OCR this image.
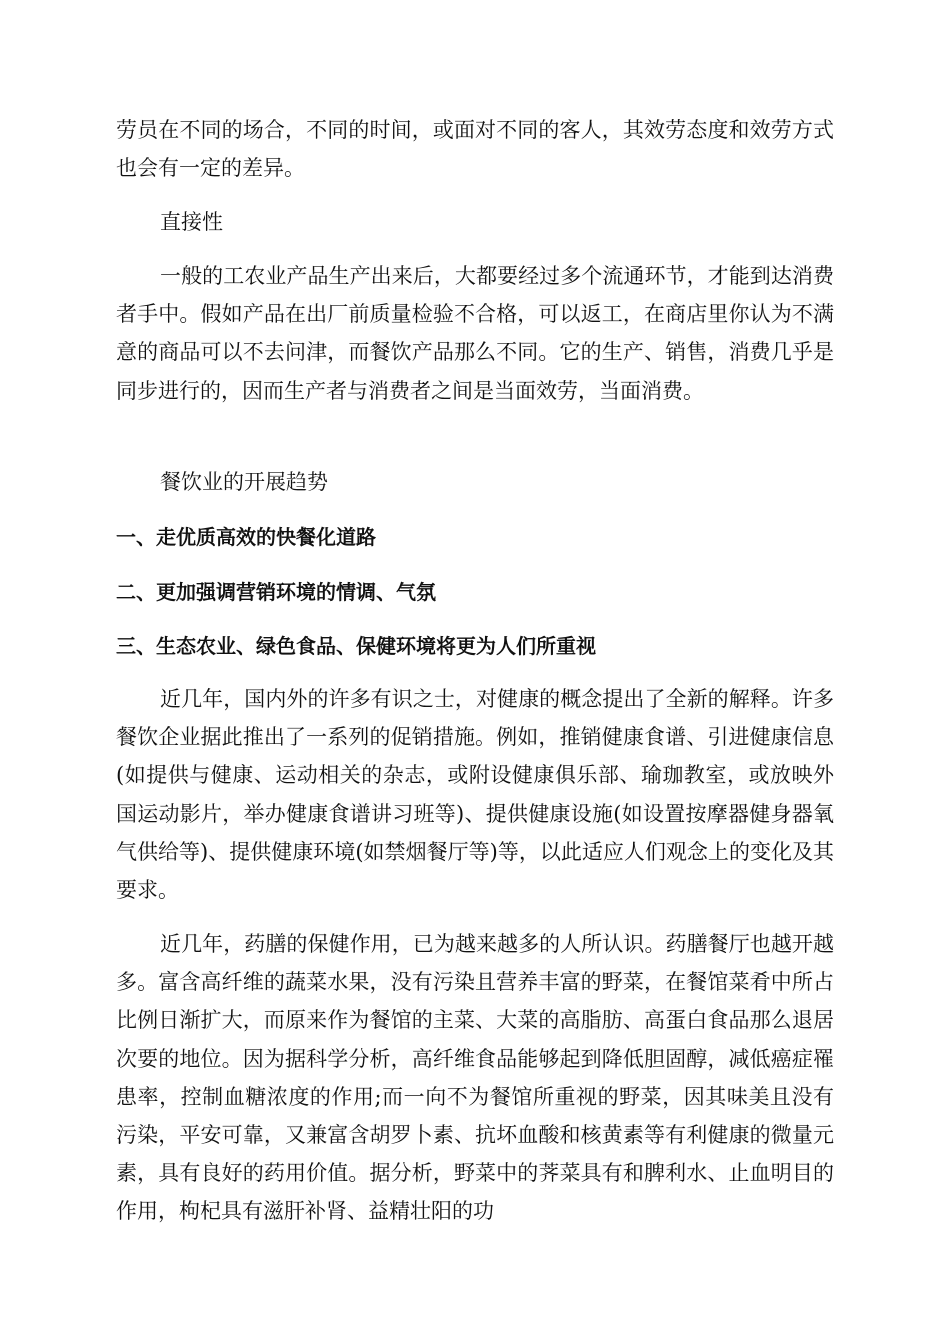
劳员在不同的场合，不同的时间，或面对不同的客人，其效劳态度和效劳方式也会有一定的差异。

直接性

一般的工农业产品生产出来后，大都要经过多个流通环节，才能到达消费者手中。假如产品在出厂前质量检验不合格，可以返工，在商店里你认为不满意的商品可以不去问津，而餐饮产品那么不同。它的生产、销售，消费几乎是同步进行的，因而生产者与消费者之间是当面效劳，当面消费。

餐饮业的开展趋势

一、走优质高效的快餐化道路

二、更加强调营销环境的情调、气氛

三、生态农业、绿色食品、保健环境将更为人们所重视

近几年，国内外的许多有识之士，对健康的概念提出了全新的解释。许多餐饮企业据此推出了一系列的促销措施。例如，推销健康食谱、引进健康信息(如提供与健康、运动相关的杂志，或附设健康俱乐部、瑜珈教室，或放映外国运动影片，举办健康食谱讲习班等)、提供健康设施(如设置按摩器健身器氧气供给等)、提供健康环境(如禁烟餐厅等)等，以此适应人们观念上的变化及其要求。

近几年，药膳的保健作用，已为越来越多的人所认识。药膳餐厅也越开越多。富含高纤维的蔬菜水果，没有污染且营养丰富的野菜，在餐馆菜肴中所占比例日渐扩大，而原来作为餐馆的主菜、大菜的高脂肪、高蛋白食品那么退居次要的地位。因为据科学分析，高纤维食品能够起到降低胆固醇，减低癌症罹患率，控制血糖浓度的作用;而一向不为餐馆所重视的野菜，因其味美且没有污染，平安可靠，又兼富含胡罗卜素、抗坏血酸和核黄素等有利健康的微量元素，具有良好的药用价值。据分析，野菜中的荠菜具有和脾利水、止血明目的作用，枸杞具有滋肝补肾、益精壮阳的功
